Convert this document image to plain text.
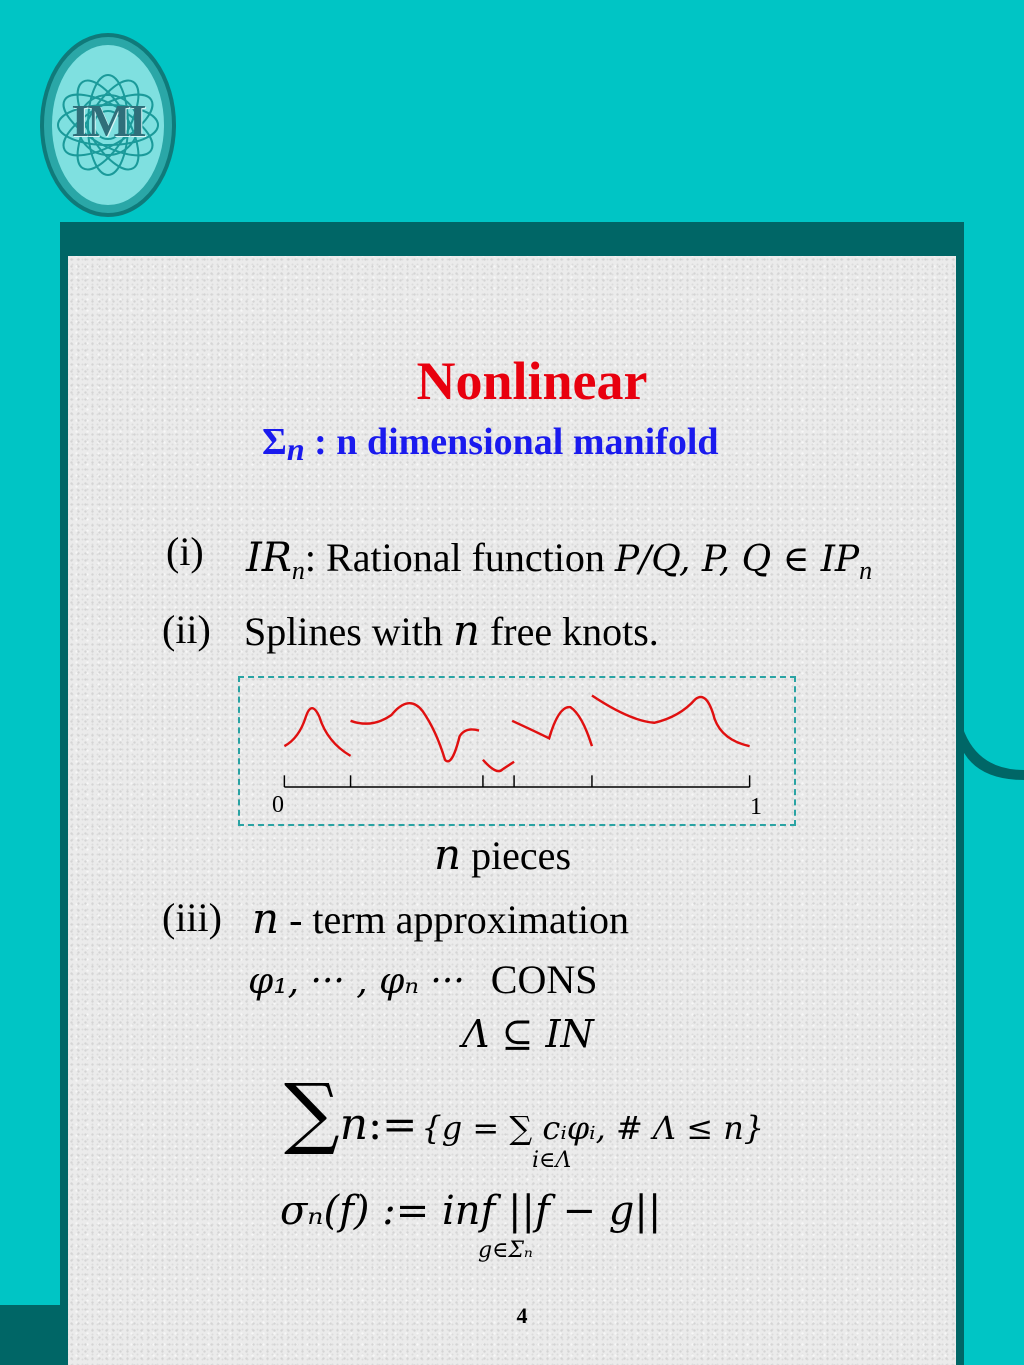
IMI
Nonlinear
Σn : n dimensional manifold
(i) $IR_n$: Rational function P/Q, P, Q ∈ $IP_n$
(ii) Splines with n free knots.
0	1
n pieces
(iii) n - term approximation
φ₁, ··· , φₙ ··· CONS
Λ ⊆ IN
∑n:= {g = ∑ cᵢφᵢ, # Λ ≤ n}
i∈Λ
σₙ(f) := inf ||f − g||
g∈Σₙ
4
